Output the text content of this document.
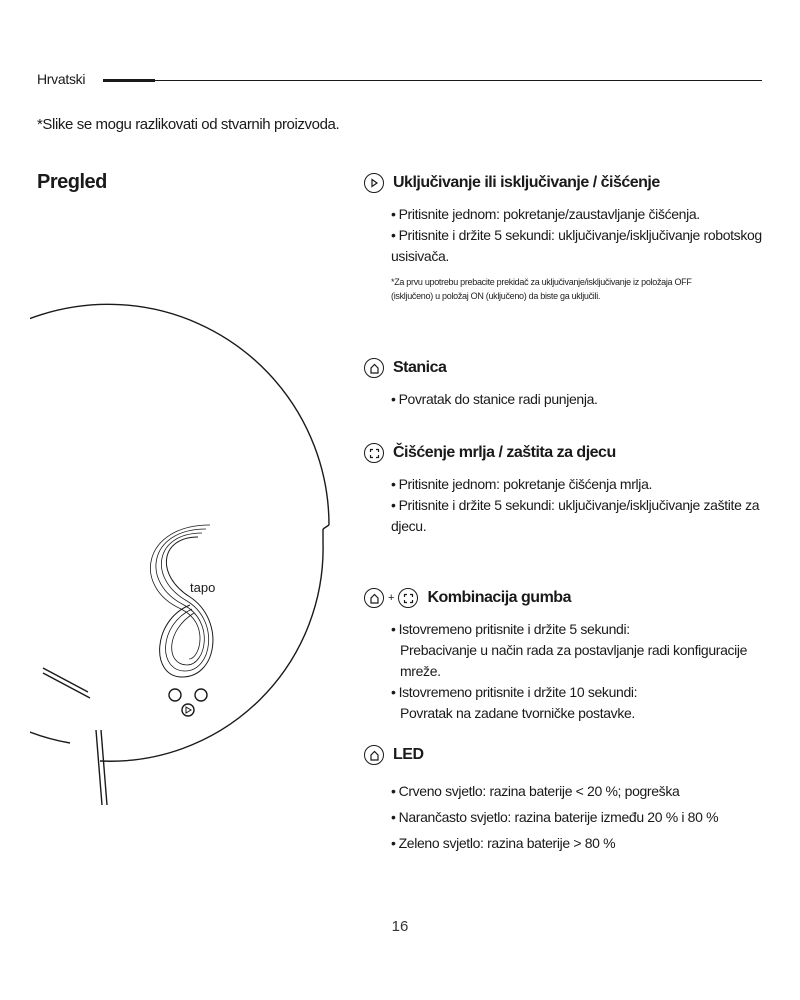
Hrvatski
*Slike se mogu razlikovati od stvarnih proizvoda.
Pregled
tapo
Uključivanje ili isključivanje / čišćenje
• Pritisnite jednom: pokretanje/zaustavljanje čišćenja.
• Pritisnite i držite 5 sekundi: uključivanje/isključivanje robotskog
usisivača.
*Za prvu upotrebu prebacite prekidač za uključivanje/isključivanje iz položaja OFF
(isključeno) u položaj ON (uključeno) da biste ga uključili.
Stanica
• Povratak do stanice radi punjenja.
Čišćenje mrlja / zaštita za djecu
• Pritisnite jednom: pokretanje čišćenja mrlja.
• Pritisnite i držite 5 sekundi: uključivanje/isključivanje zaštite za
djecu.
+ Kombinacija gumba
• Istovremeno pritisnite i držite 5 sekundi:
Prebacivanje u način rada za postavljanje radi konfiguracije mreže.
• Istovremeno pritisnite i držite 10 sekundi:
Povratak na zadane tvorničke postavke.
LED
• Crveno svjetlo: razina baterije < 20 %; pogreška
• Narančasto svjetlo: razina baterije između 20 % i 80 %
• Zeleno svjetlo: razina baterije > 80 %
16
